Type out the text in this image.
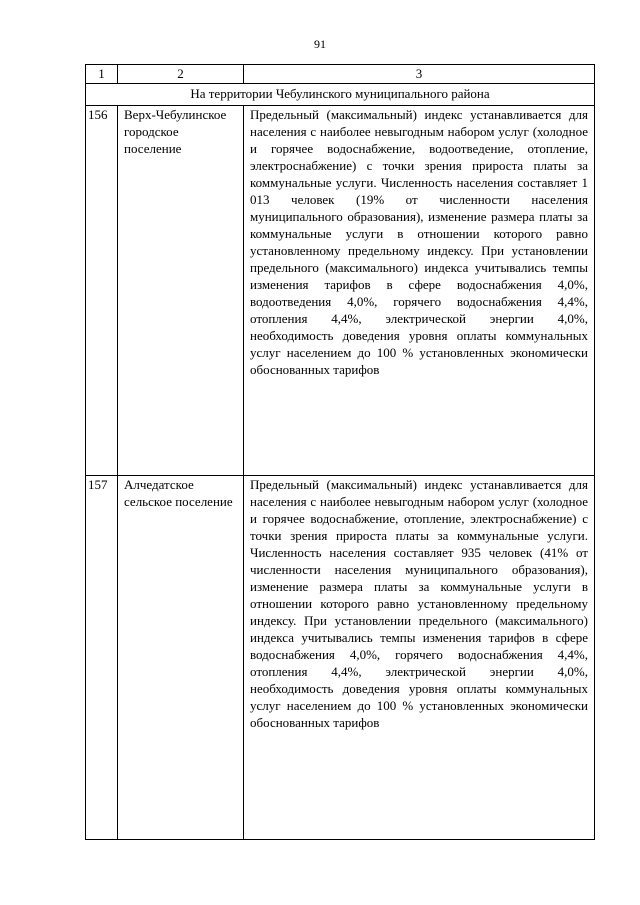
91
1	2	3
На территории Чебулинского муниципального района		
156	Верх-Чебулинское городское поселение	Предельный (максимальный) индекс устанавливается для населения с наиболее невыгодным набором услуг (холодное и горячее водоснабжение, водоотведение, отопление, электроснабжение) с точки зрения прироста платы за коммунальные услуги. Численность населения составляет 1 013 человек (19% от численности населения муниципального образования), изменение размера платы за коммунальные услуги в отношении которого равно установленному предельному индексу. При установлении предельного (максимального) индекса учитывались темпы изменения тарифов в сфере водоснабжения 4,0%, водоотведения 4,0%, горячего водоснабжения 4,4%, отопления 4,4%, электрической энергии 4,0%, необходимость доведения уровня оплаты коммунальных услуг населением до 100 % установленных экономически обоснованных тарифов
157	Алчедатское сельское поселение	Предельный (максимальный) индекс устанавливается для населения с наиболее невыгодным набором услуг (холодное и горячее водоснабжение, отопление, электроснабжение) с точки зрения прироста платы за коммунальные услуги. Численность населения составляет 935 человек (41% от численности населения муниципального образования), изменение размера платы за коммунальные услуги в отношении которого равно установленному предельному индексу. При установлении предельного (максимального) индекса учитывались темпы изменения тарифов в сфере водоснабжения 4,0%, горячего водоснабжения 4,4%, отопления 4,4%, электрической энергии 4,0%, необходимость доведения уровня оплаты коммунальных услуг населением до 100 % установленных экономически обоснованных тарифов
